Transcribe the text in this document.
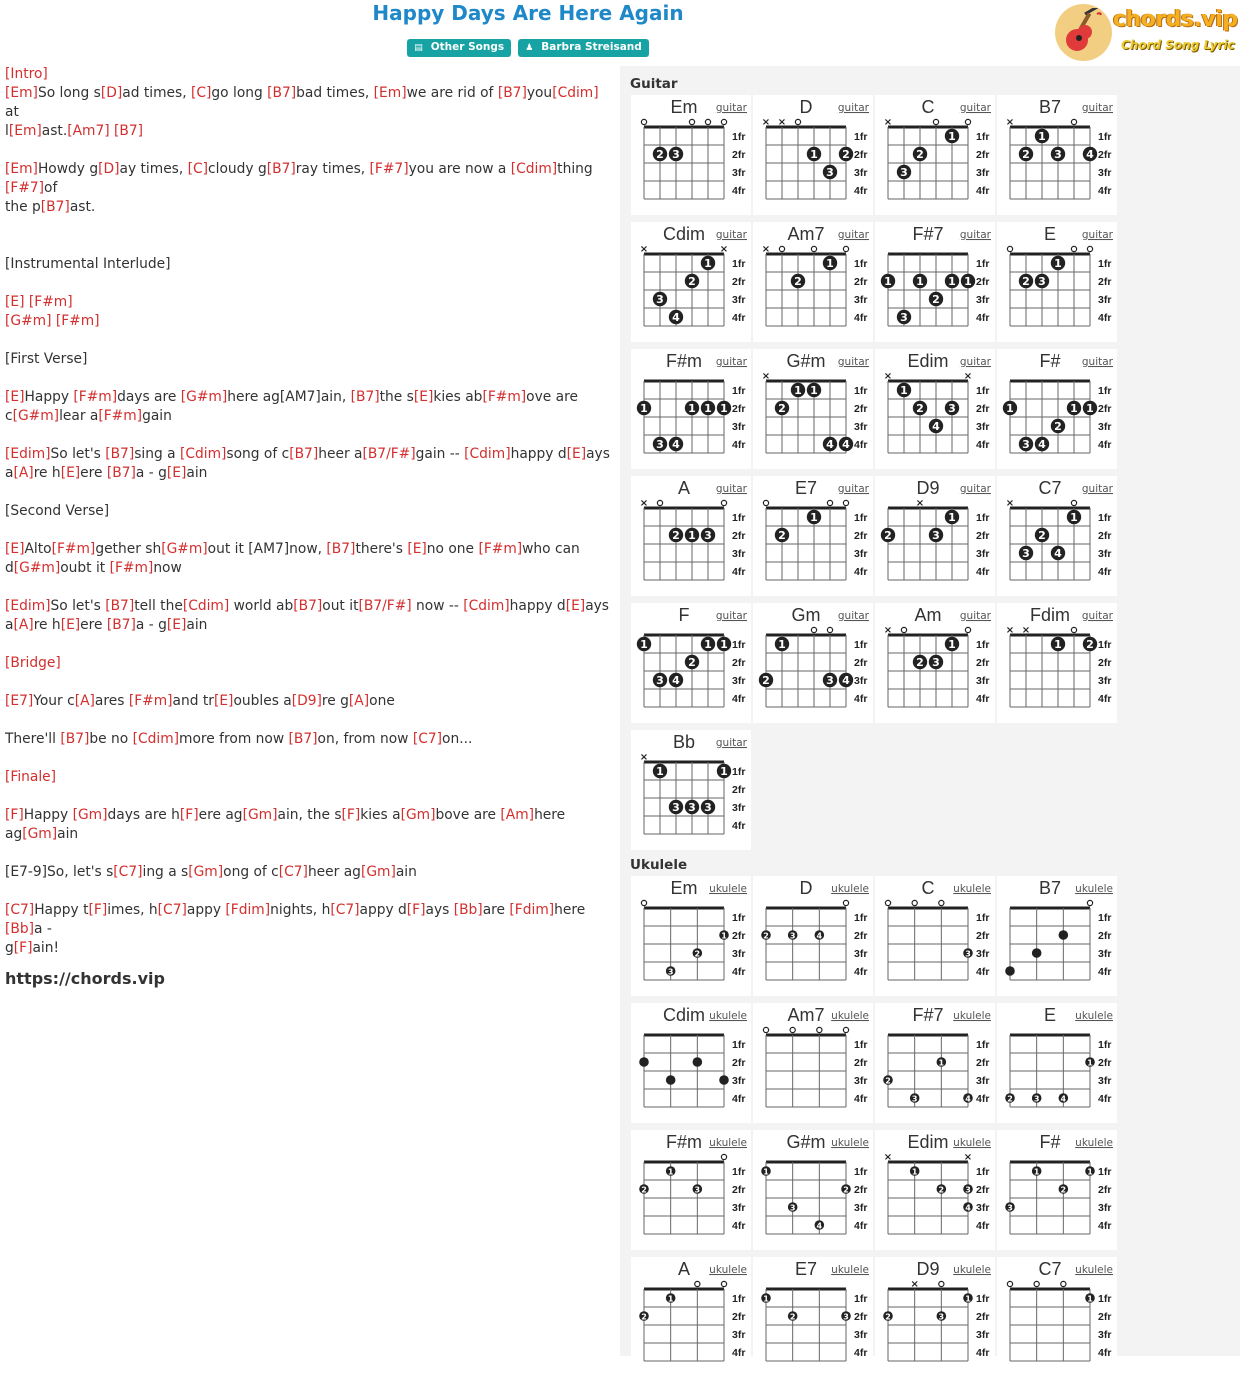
Happy Days Are Here Again
▤ Other Songs ♟ Barbra Streisand
chords.vip
Chord Song Lyric
[Intro]
[Em]So long s[D]ad times, [C]go long [B7]bad times, [Em]we are rid of [B7]you[Cdim] at
l[Em]ast.[Am7] [B7]
[Em]Howdy g[D]ay times, [C]cloudy g[B7]ray times, [F#7]you are now a [Cdim]thing [F#7]of
the p[B7]ast.
[Instrumental Interlude]
[E] [F#m]
[G#m] [F#m]
[First Verse]
[E]Happy [F#m]days are [G#m]here ag[AM7]ain, [B7]the s[E]kies ab[F#m]ove are
c[G#m]lear a[F#m]gain
[Edim]So let's [B7]sing a [Cdim]song of c[B7]heer a[B7/F#]gain -- [Cdim]happy d[E]ays
a[A]re h[E]ere [B7]a - g[E]ain
[Second Verse]
[E]Alto[F#m]gether sh[G#m]out it [AM7]now, [B7]there's [E]no one [F#m]who can
d[G#m]oubt it [F#m]now
[Edim]So let's [B7]tell the[Cdim] world ab[B7]out it[B7/F#] now -- [Cdim]happy d[E]ays
a[A]re h[E]ere [B7]a - g[E]ain
[Bridge]
[E7]Your c[A]ares [F#m]and tr[E]oubles a[D9]re g[A]one
There'll [B7]be no [Cdim]more from now [B7]on, from now [C7]on...
[Finale]
[F]Happy [Gm]days are h[F]ere ag[Gm]ain, the s[F]kies a[Gm]bove are [Am]here ag[Gm]ain
[E7-9]So, let's s[C7]ing a s[Gm]ong of c[C7]heer ag[Gm]ain
[C7]Happy t[F]imes, h[C7]appy [Fdim]nights, h[C7]appy d[F]ays [Bb]are [Fdim]here [Bb]a -
g[F]ain!
https://chords.vip
Guitar
Ukulele
Em guitar
1fr
2fr
3fr
4fr
2 3
D guitar
1fr
2fr
3fr
4fr
× ×
1 2
3
C guitar
1fr
2fr
3fr
4fr
×
1
2
3
B7 guitar
1fr
2fr
3fr
4fr
×
1
2 3 4
Cdim guitar
1fr
2fr
3fr
4fr
×	×
1
2
3
4
Am7 guitar
1fr
2fr
3fr
4fr
×
1
2
F#7 guitar
1fr
2fr
3fr
4fr
1 1 1 1
2
3
E guitar
1fr
2fr
3fr
4fr
1
2 3
F#m guitar
1fr
2fr
3fr
4fr
1	1 1 1
3 4
G#m guitar
1fr
2fr
3fr
4fr
×
1 1
2
4 4
Edim guitar
1fr
2fr
3fr
4fr
×	×
1
2 3
4
F# guitar
1fr
2fr
3fr
4fr
1	1 1
2
3 4
A guitar
1fr
2fr
3fr
4fr
×
2 1 3
E7 guitar
1fr
2fr
3fr
4fr
1
2
D9 guitar
1fr
2fr
3fr
4fr
×
1
2	3
C7 guitar
1fr
2fr
3fr
4fr
×
1
2
3 4
F	guitar
1fr
2fr
3fr
4fr
1	1 1
2
3 4
Gm guitar
1fr
2fr
3fr
4fr
1
2	3 4
Am guitar
1fr
2fr
3fr
4fr
×
1
2 3
Fdim guitar
1fr
2fr
3fr
4fr
× ×
1 2
Bb guitar
1fr
2fr
3fr
4fr
×
1	1
3 3 3
Em ukulele
1fr
2fr
3fr
4fr
1
2
3
D ukulele
1fr
2fr
3fr
4fr
2	3	4
C ukulele
1fr
2fr
3fr
4fr
3
B7 ukulele
1fr
2fr
3fr
4fr
Cdim ukulele
1fr
2fr
3fr
4fr
Am7 ukulele
1fr
2fr
3fr
4fr
F#7 ukulele
1fr
2fr
3fr
4fr
1
2
3	4
E ukulele
1fr
2fr
3fr
4fr
1
2	3	4
F#m ukulele
1fr
2fr
3fr
4fr
1
2	3
G#m ukulele
1fr
2fr
3fr
4fr
1
2
3
4
Edim ukulele
1fr
2fr
3fr
4fr
×	×
1
2	3
4
F# ukulele
1fr
2fr
3fr
4fr
1	1
2
3
A ukulele
1fr
2fr
3fr
4fr
1
2
E7 ukulele
1fr
2fr
3fr
4fr
1
2	3
D9 ukulele
1fr
2fr
3fr
4fr
×
1
2	3
C7 ukulele
1fr
2fr
3fr
4fr
1
